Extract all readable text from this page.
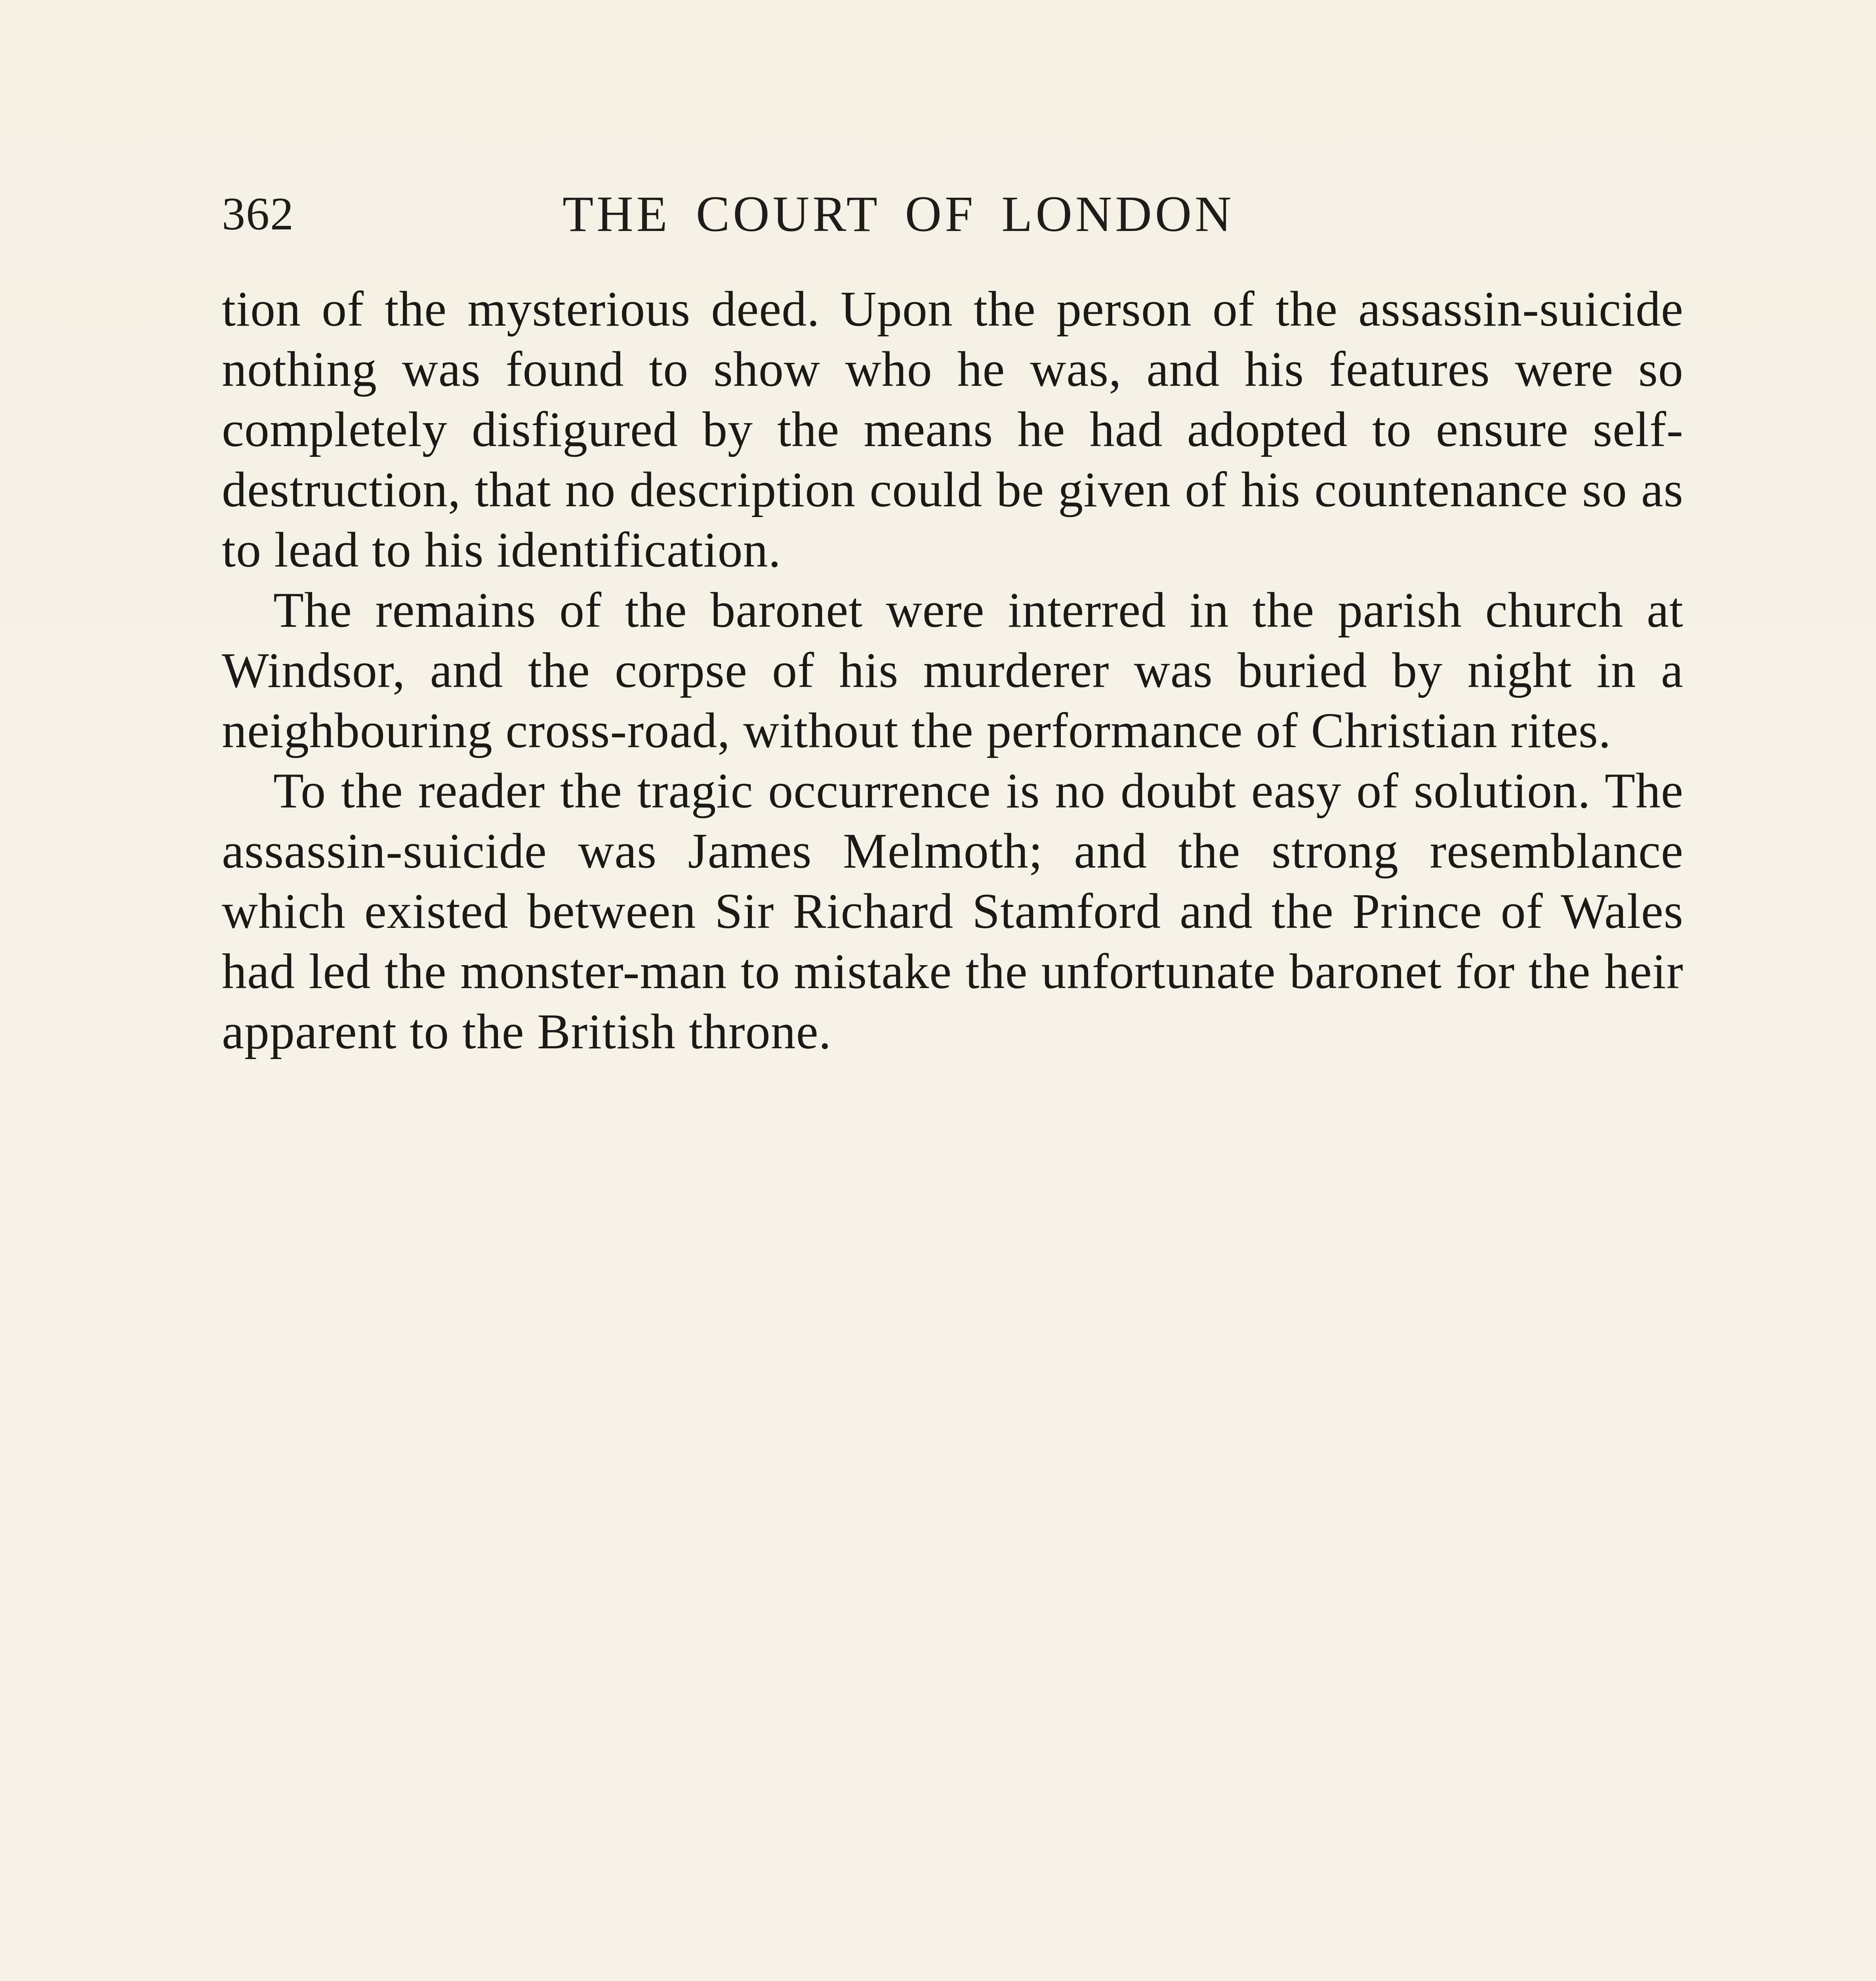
362	THE COURT OF LONDON

tion of the mysterious deed. Upon the person of the assassin-suicide nothing was found to show who he was, and his features were so completely disfigured by the means he had adopted to ensure self-destruction, that no description could be given of his countenance so as to lead to his identification.

The remains of the baronet were interred in the parish church at Windsor, and the corpse of his murderer was buried by night in a neighbouring cross-road, without the performance of Christian rites.

To the reader the tragic occurrence is no doubt easy of solution. The assassin-suicide was James Melmoth; and the strong resemblance which existed between Sir Richard Stamford and the Prince of Wales had led the monster-man to mistake the unfortunate baronet for the heir apparent to the British throne.
